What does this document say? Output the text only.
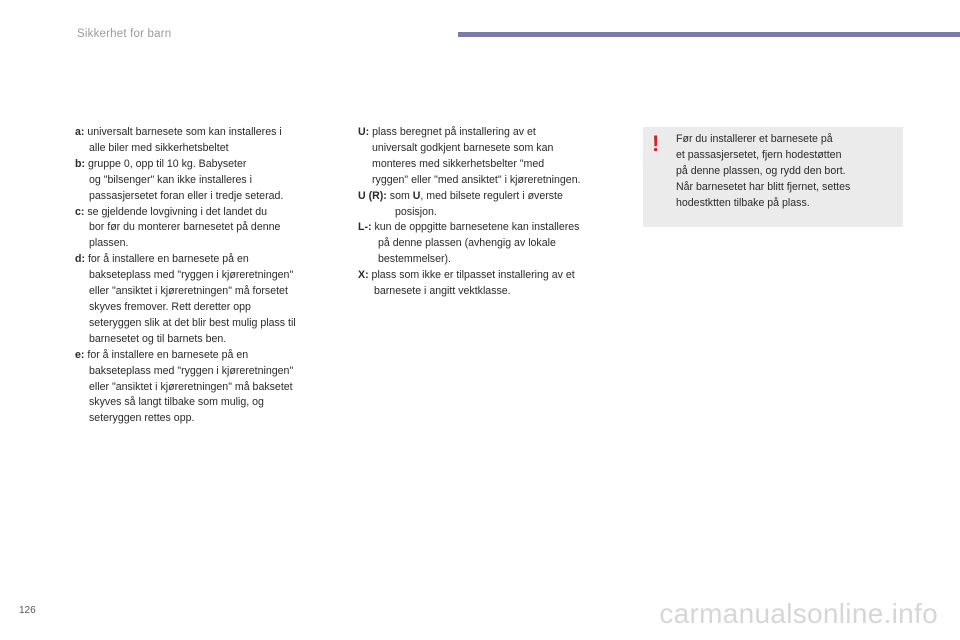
Sikkerhet for barn
a: universalt barnesete som kan installeres i
alle biler med sikkerhetsbeltet
b: gruppe 0, opp til 10 kg. Babyseter
og "bilsenger" kan ikke installeres i
passasjersetet foran eller i tredje seterad.
c: se gjeldende lovgivning i det landet du
bor før du monterer barnesetet på denne
plassen.
d: for å installere en barnesete på en
bakseteplass med "ryggen i kjøreretningen"
eller "ansiktet i kjøreretningen" må forsetet
skyves fremover. Rett deretter opp
seteryggen slik at det blir best mulig plass til
barnesetet og til barnets ben.
e: for å installere en barnesete på en
bakseteplass med "ryggen i kjøreretningen"
eller "ansiktet i kjøreretningen" må baksetet
skyves så langt tilbake som mulig, og
seteryggen rettes opp.
U: plass beregnet på installering av et
universalt godkjent barnesete som kan
monteres med sikkerhetsbelter "med
ryggen" eller "med ansiktet" i kjøreretningen.
U (R): som U, med bilsete regulert i øverste
posisjon.
L-: kun de oppgitte barnesetene kan installeres
på denne plassen (avhengig av lokale
bestemmelser).
X: plass som ikke er tilpasset installering av et
barnesete i angitt vektklasse.
! Før du installerer et barnesete på
et passasjersetet, fjern hodestøtten
på denne plassen, og rydd den bort.
Når barnesetet har blitt fjernet, settes
hodestktten tilbake på plass.
126	carmanualsonline.info
